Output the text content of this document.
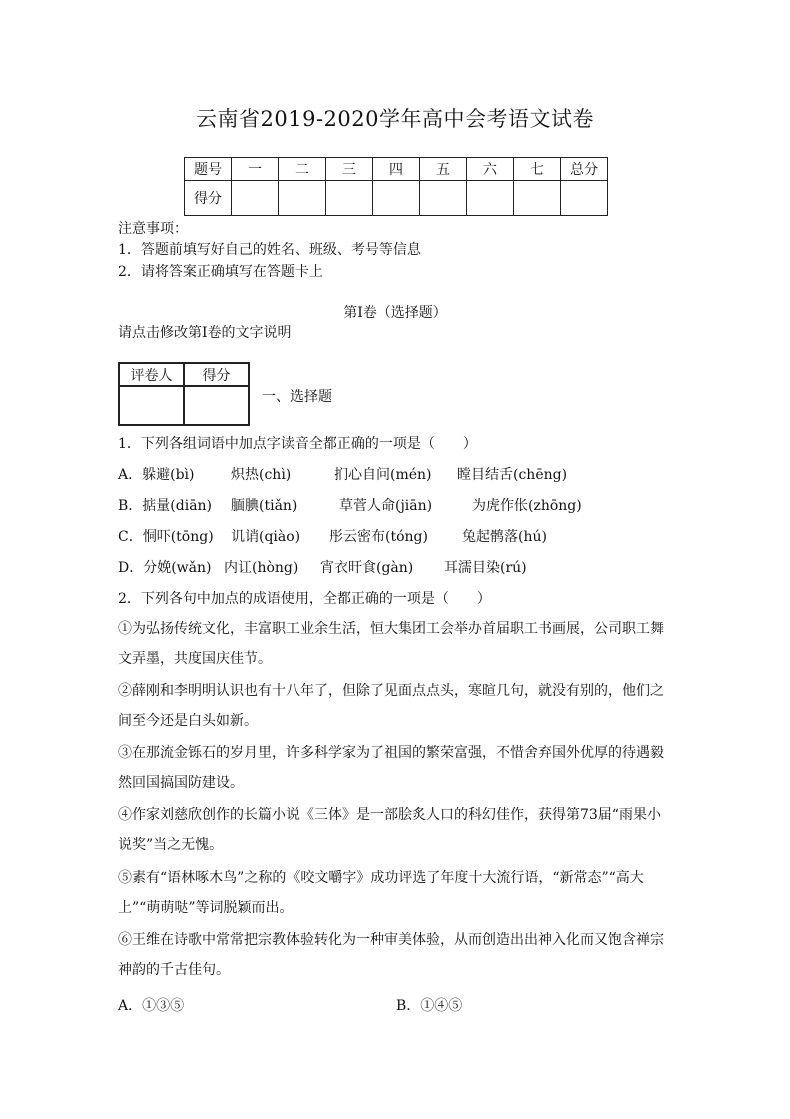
云南省2019-2020学年高中会考语文试卷
题号	一	二	三	四	五	六	七	总分
得分								
注意事项：
1．答题前填写好自己的姓名、班级、考号等信息
2．请将答案正确填写在答题卡上
第I卷（选择题）
请点击修改第I卷的文字说明
评卷人	得分

一、选择题
1．下列各组词语中加点字读音全都正确的一项是（　　）
A．躲避(bì)	炽热(chì)	扪心自问(mén) 瞠目结舌(chēng)
B．掂量(diān) 腼腆(tiǎn)	草菅人命(jiān)	为虎作伥(zhōng)
C．恫吓(tōng) 讥诮(qiào) 彤云密布(tóng) 兔起鹘落(hú)
D．分娩(wǎn) 内讧(hòng) 宵衣旰食(gàn) 耳濡目染(rú)
2．下列各句中加点的成语使用，全都正确的一项是（　　）
①为弘扬传统文化，丰富职工业余生活，恒大集团工会举办首届职工书画展，公司职工舞
文弄墨，共度国庆佳节。
②薛刚和李明明认识也有十八年了，但除了见面点点头，寒暄几句，就没有别的，他们之
间至今还是白头如新。
③在那流金铄石的岁月里，许多科学家为了祖国的繁荣富强，不惜舍弃国外优厚的待遇毅
然回国搞国防建设。
④作家刘慈欣创作的长篇小说《三体》是一部脍炙人口的科幻佳作，获得第73届“雨果小
说奖”当之无愧。
⑤素有“语林啄木鸟”之称的《咬文嚼字》成功评选了年度十大流行语，“新常态”“高大
上”“萌萌哒”等词脱颖而出。
⑥王维在诗歌中常常把宗教体验转化为一种审美体验，从而创造出出神入化而又饱含禅宗
神韵的千古佳句。
A．①③⑤	B．①④⑤
